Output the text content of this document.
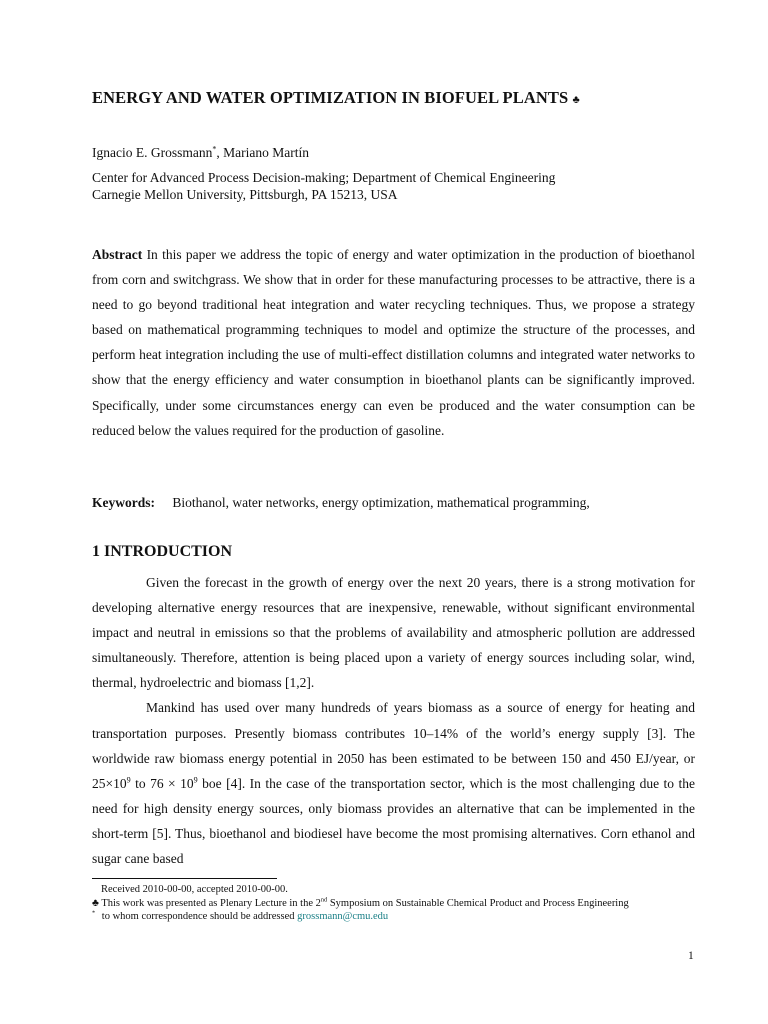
ENERGY AND WATER OPTIMIZATION IN BIOFUEL PLANTS ♣
Ignacio E. Grossmann*, Mariano Martín
Center for Advanced Process Decision-making; Department of Chemical Engineering
Carnegie Mellon University, Pittsburgh, PA 15213, USA
Abstract In this paper we address the topic of energy and water optimization in the production of bioethanol from corn and switchgrass. We show that in order for these manufacturing processes to be attractive, there is a need to go beyond traditional heat integration and water recycling techniques. Thus, we propose a strategy based on mathematical programming techniques to model and optimize the structure of the processes, and perform heat integration including the use of multi-effect distillation columns and integrated water networks to show that the energy efficiency and water consumption in bioethanol plants can be significantly improved. Specifically, under some circumstances energy can even be produced and the water consumption can be reduced below the values required for the production of gasoline.
Keywords: Biothanol, water networks, energy optimization, mathematical programming,
1 INTRODUCTION

Given the forecast in the growth of energy over the next 20 years, there is a strong motivation for developing alternative energy resources that are inexpensive, renewable, without significant environmental impact and neutral in emissions so that the problems of availability and atmospheric pollution are addressed simultaneously. Therefore, attention is being placed upon a variety of energy sources including solar, wind, thermal, hydroelectric and biomass [1,2].

Mankind has used over many hundreds of years biomass as a source of energy for heating and transportation purposes. Presently biomass contributes 10–14% of the world’s energy supply [3]. The worldwide raw biomass energy potential in 2050 has been estimated to be between 150 and 450 EJ/year, or $25\times 10^9$ to $76 \times 10^9$ boe [4]. In the case of the transportation sector, which is the most challenging due to the need for high density energy sources, only biomass provides an alternative that can be implemented in the short-term [5]. Thus, bioethanol and biodiesel have become the most promising alternatives. Corn ethanol and sugar cane based

Received 2010-00-00, accepted 2010-00-00.
♣ This work was presented as Plenary Lecture in the 2nd Symposium on Sustainable Chemical Product and Process Engineering
* to whom correspondence should be addressed grossmann@cmu.edu
1
